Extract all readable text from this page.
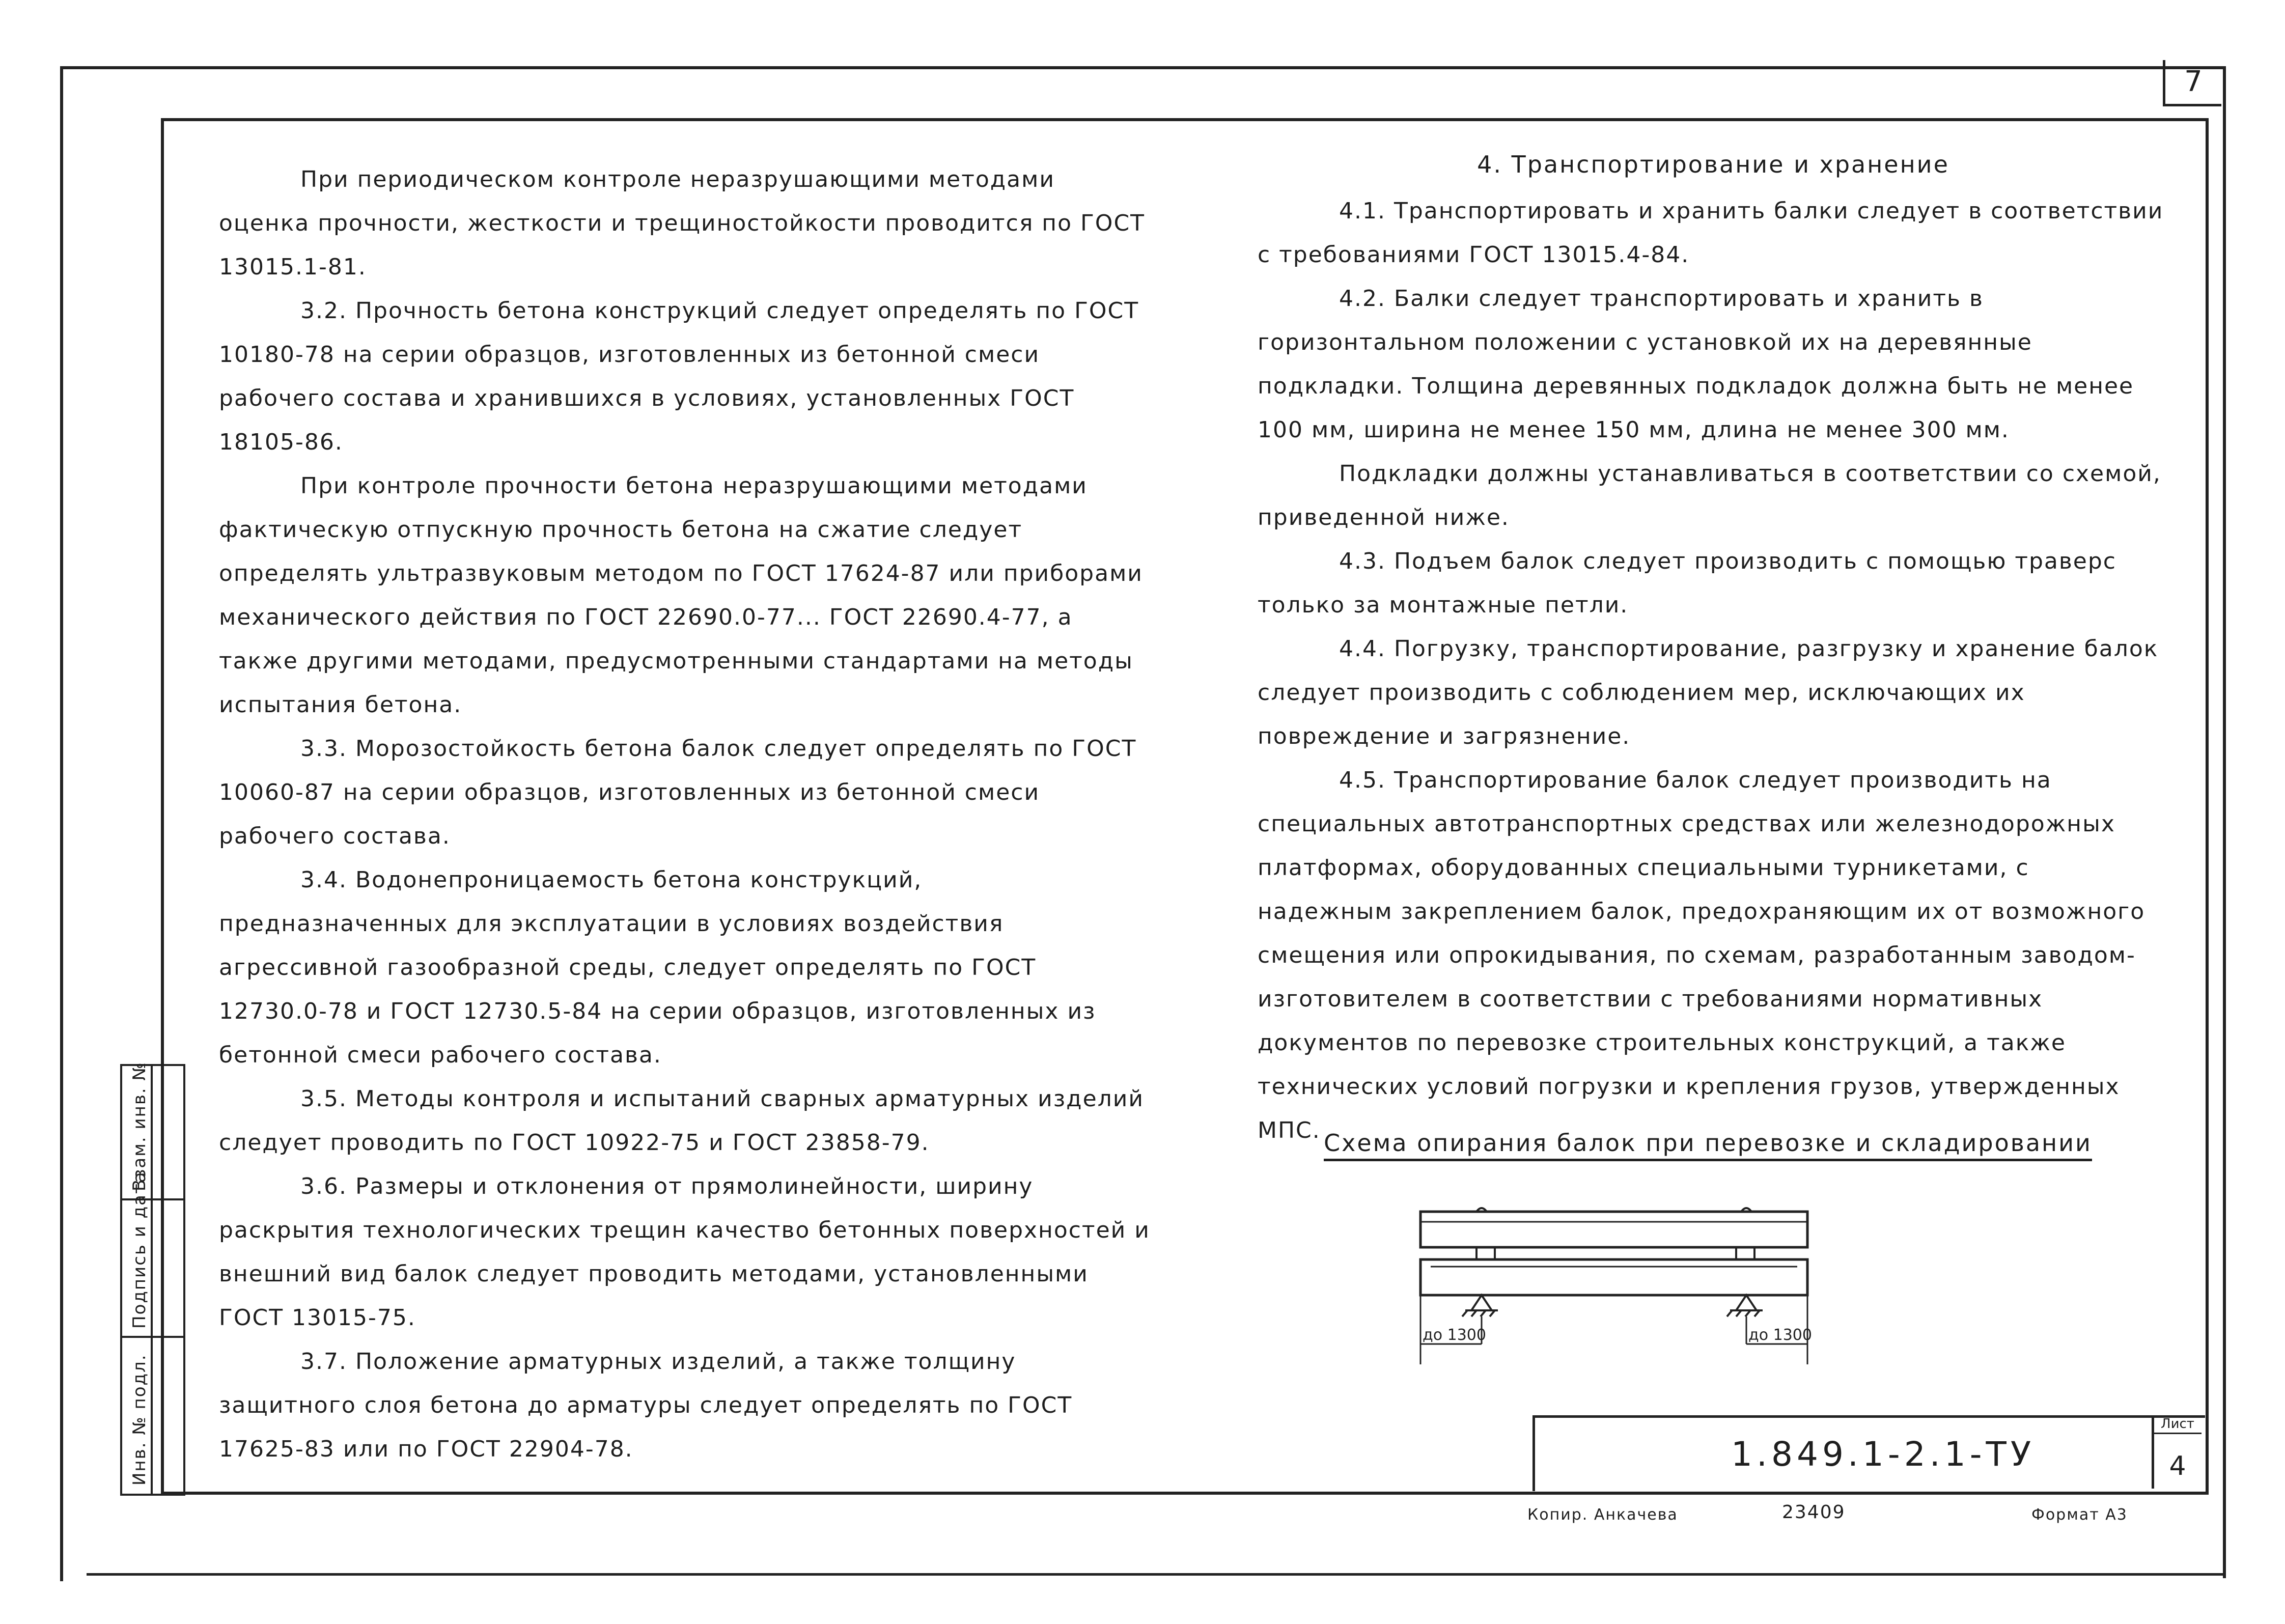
7

При периодическом контроле неразрушающими методами оценка прочности, жесткости и трещиностойкости проводится по ГОСТ 13015.1-81.

3.2. Прочность бетона конструкций следует определять по ГОСТ 10180-78 на серии образцов, изготовленных из бетонной смеси рабочего состава и хранившихся в условиях, установленных ГОСТ 18105-86.

При контроле прочности бетона неразрушающими методами фактическую отпускную прочность бетона на сжатие следует определять ультразвуковым методом по ГОСТ 17624-87 или приборами механического действия по ГОСТ 22690.0-77... ГОСТ 22690.4-77, а также другими методами, предусмотренными стандартами на методы испытания бетона.

3.3. Морозостойкость бетона балок следует определять по ГОСТ 10060-87 на серии образцов, изготовленных из бетонной смеси рабочего состава.

3.4. Водонепроницаемость бетона конструкций, предназначенных для эксплуатации в условиях воздействия агрессивной газообразной среды, следует определять по ГОСТ 12730.0-78 и ГОСТ 12730.5-84 на серии образцов, изготовленных из бетонной смеси рабочего состава.

3.5. Методы контроля и испытаний сварных арматурных изделий следует проводить по ГОСТ 10922-75 и ГОСТ 23858-79.

3.6. Размеры и отклонения от прямолинейности, ширину раскрытия технологических трещин качество бетонных поверхностей и внешний вид балок следует проводить методами, установленными ГОСТ 13015-75.

3.7. Положение арматурных изделий, а также толщину защитного слоя бетона до арматуры следует определять по ГОСТ 17625-83 или по ГОСТ 22904-78.

4. Транспортирование и хранение

4.1. Транспортировать и хранить балки следует в соответствии с требованиями ГОСТ 13015.4-84.

4.2. Балки следует транспортировать и хранить в горизонтальном положении с установкой их на деревянные подкладки. Толщина деревянных подкладок должна быть не менее 100 мм, ширина не менее 150 мм, длина не менее 300 мм.

Подкладки должны устанавливаться в соответствии со схемой, приведенной ниже.

4.3. Подъем балок следует производить с помощью траверс только за монтажные петли.

4.4. Погрузку, транспортирование, разгрузку и хранение балок следует производить с соблюдением мер, исключающих их повреждение и загрязнение.

4.5. Транспортирование балок следует производить на специальных автотранспортных средствах или железнодорожных платформах, оборудованных специальными турникетами, с надежным закреплением балок, предохраняющим их от возможного смещения или опрокидывания, по схемам, разработанным заводом-изготовителем в соответствии с требованиями нормативных документов по перевозке строительных конструкций, а также технических условий погрузки и крепления грузов, утвержденных МПС. Схема опирания балок при перевозке и складировании
до 1300	до 1300
Инв. № подл.
Подпись и дата
Взам. инв. №
1.849.1-2.1-ТУ
Лист
4
Копир. Анкачева	23409	Формат А3
